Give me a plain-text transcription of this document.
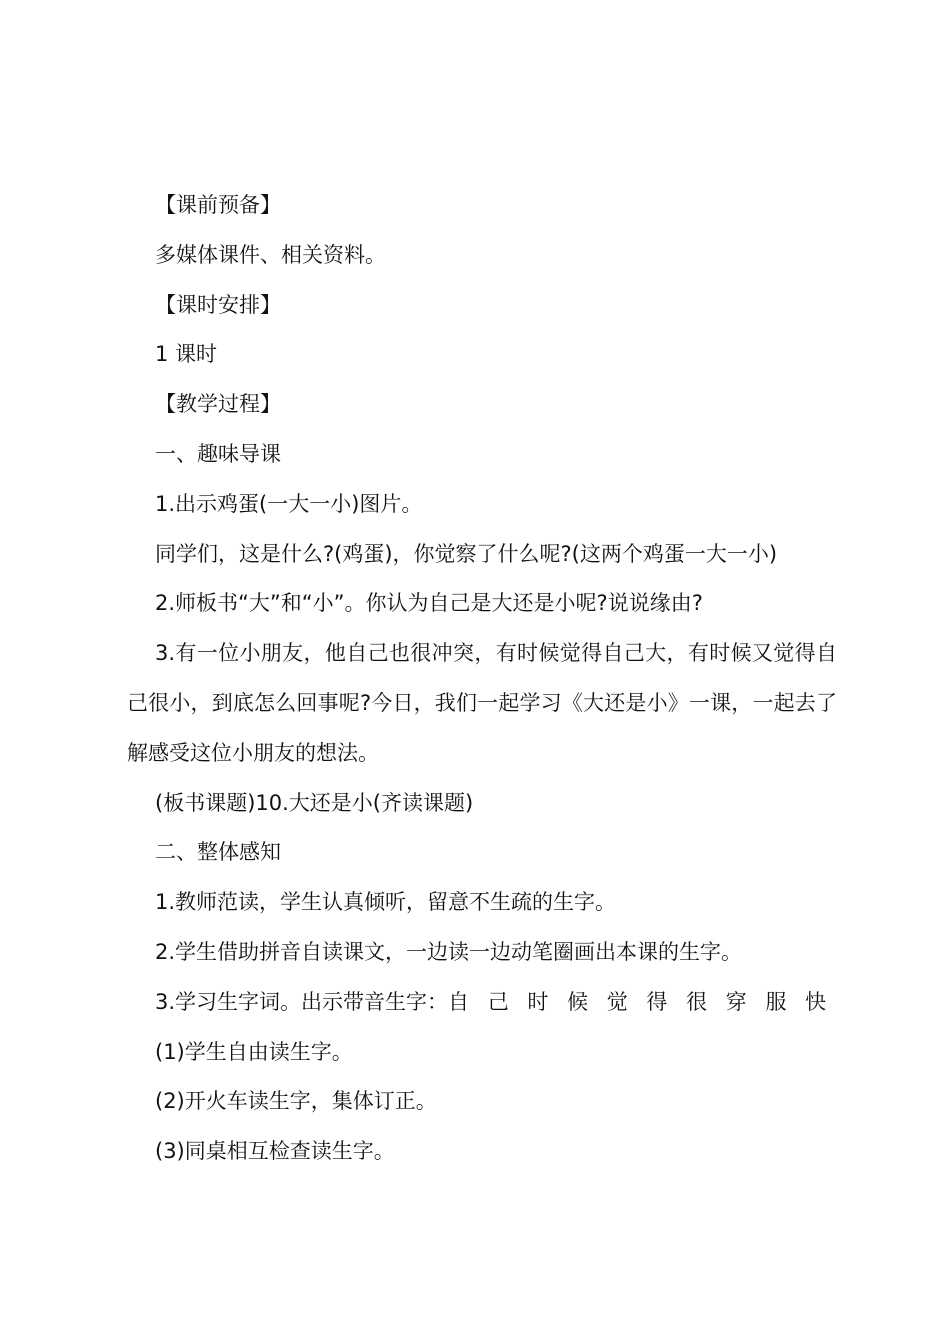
【课前预备】

多媒体课件、相关资料。

【课时安排】

1 课时

【教学过程】

一、趣味导课

1.出示鸡蛋(一大一小)图片。

同学们，这是什么?(鸡蛋)，你觉察了什么呢?(这两个鸡蛋一大一小)

2.师板书“大”和“小”。你认为自己是大还是小呢?说说缘由?

3.有一位小朋友，他自己也很冲突，有时候觉得自己大，有时候又觉得自己很小，到底怎么回事呢?今日，我们一起学习《大还是小》一课，一起去了解感受这位小朋友的想法。

(板书课题)10.大还是小(齐读课题)

二、整体感知

1.教师范读，学生认真倾听，留意不生疏的生字。

2.学生借助拼音自读课文，一边读一边动笔圈画出本课的生字。

3.学习生字词。出示带音生字：自 己 时 候 觉 得 很 穿 服 快

(1)学生自由读生字。

(2)开火车读生字，集体订正。

(3)同桌相互检查读生字。
